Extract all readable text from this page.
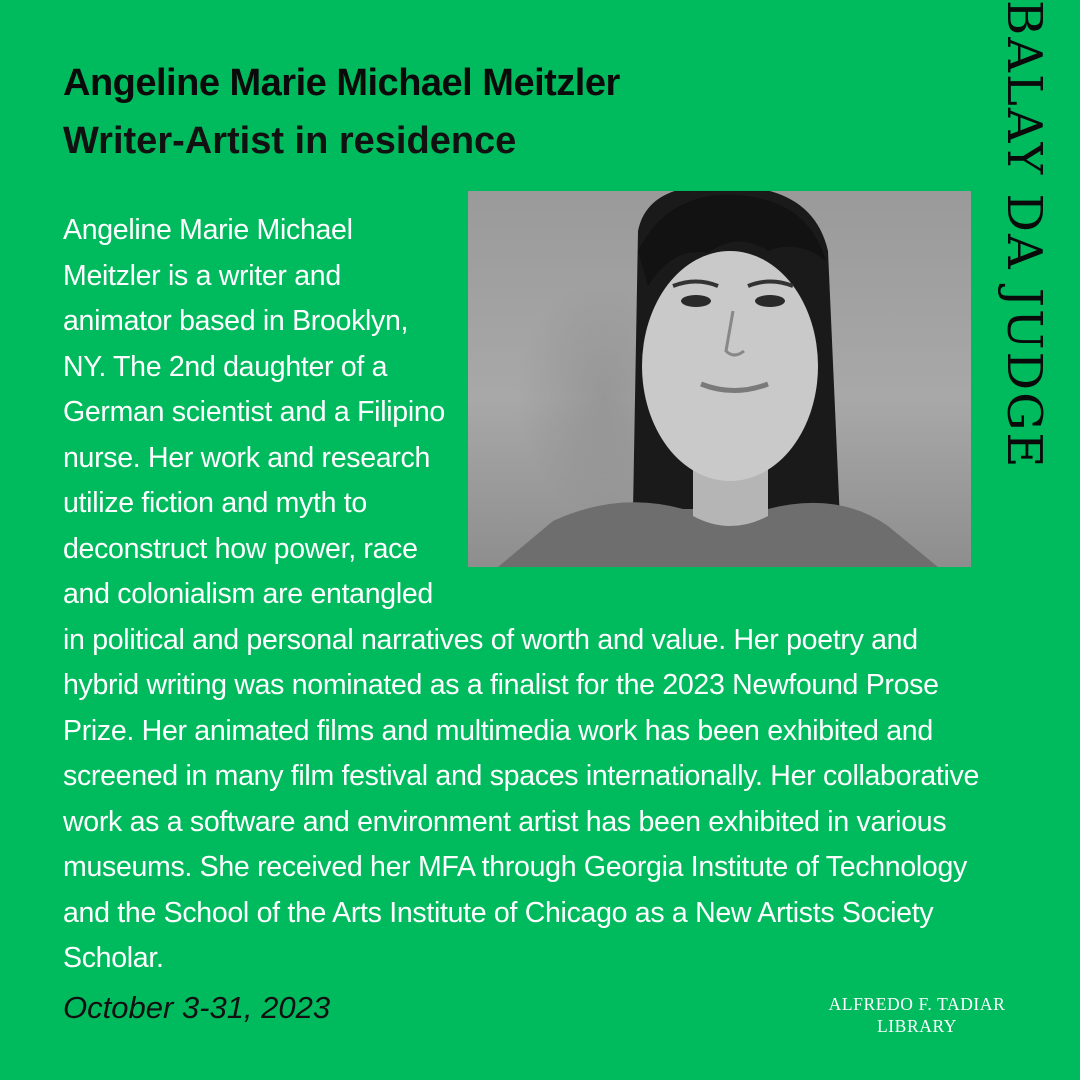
Angeline Marie Michael Meitzler
Writer-Artist in residence
Angeline Marie Michael Meitzler is a writer and animator based in Brooklyn, NY. The 2nd daughter of a German scientist and a Filipino nurse. Her work and research utilize fiction and myth to deconstruct how power, race and colonialism are entangled in political and personal narratives of worth and value. Her poetry and hybrid writing was nominated as a finalist for the 2023 Newfound Prose Prize. Her animated films and multimedia work has been exhibited and screened in many film festival and spaces internationally. Her collaborative work as a software and environment artist has been exhibited in various museums. She received her MFA through Georgia Institute of Technology and the School of the Arts Institute of Chicago as a New Artists Society Scholar.
BALAY DA JUDGE
October 3-31, 2023	ALFREDO F. TADIAR
LIBRARY
